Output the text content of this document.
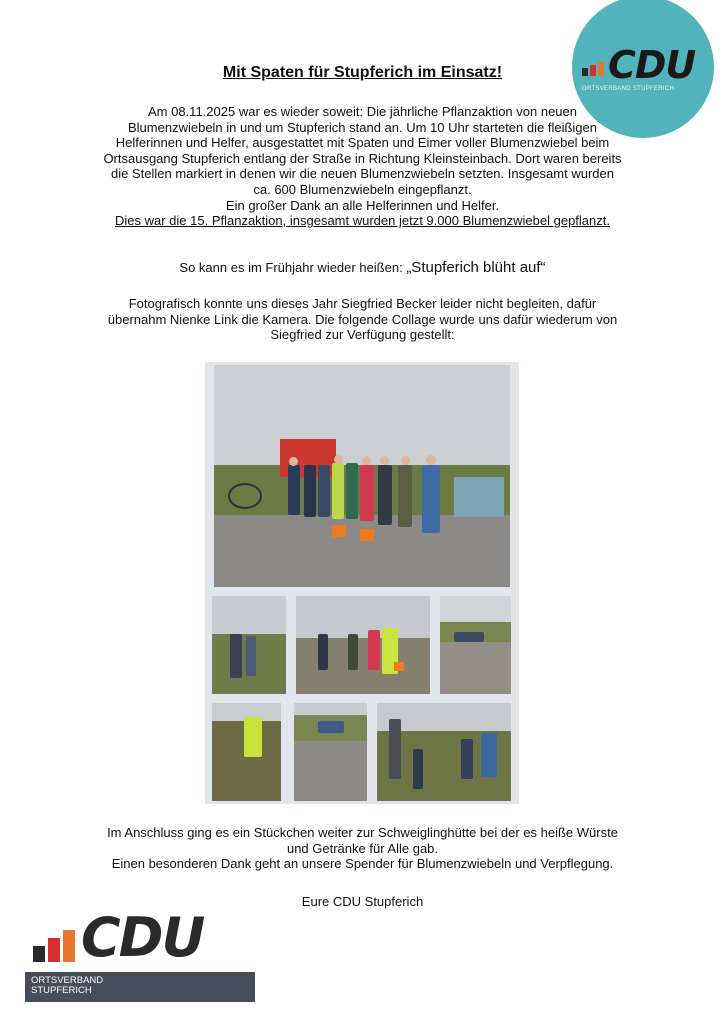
CDU
ORTSVERBAND STUPFERICH
Mit Spaten für Stupferich im Einsatz!
Am 08.11.2025 war es wieder soweit: Die jährliche Pflanzaktion von neuen
Blumenzwiebeln in und um Stupferich stand an. Um 10 Uhr starteten die fleißigen
Helferinnen und Helfer, ausgestattet mit Spaten und Eimer voller Blumenzwiebel beim
Ortsausgang Stupferich entlang der Straße in Richtung Kleinsteinbach. Dort waren bereits
die Stellen markiert in denen wir die neuen Blumenzwiebeln setzten. Insgesamt wurden
ca. 600 Blumenzwiebeln eingepflanzt.
Ein großer Dank an alle Helferinnen und Helfer.
Dies war die 15. Pflanzaktion, insgesamt wurden jetzt 9.000 Blumenzwiebel gepflanzt.
So kann es im Frühjahr wieder heißen: „Stupferich blüht auf“
Fotografisch konnte uns dieses Jahr Siegfried Becker leider nicht begleiten, dafür
übernahm Nienke Link die Kamera. Die folgende Collage wurde uns dafür wiederum von
Siegfried zur Verfügung gestellt:
Im Anschluss ging es ein Stückchen weiter zur Schweiglinghütte bei der es heiße Würste
und Getränke für Alle gab.
Einen besonderen Dank geht an unsere Spender für Blumenzwiebeln und Verpflegung.
Eure CDU Stupferich
CDU
ORTSVERBAND
STUPFERICH
